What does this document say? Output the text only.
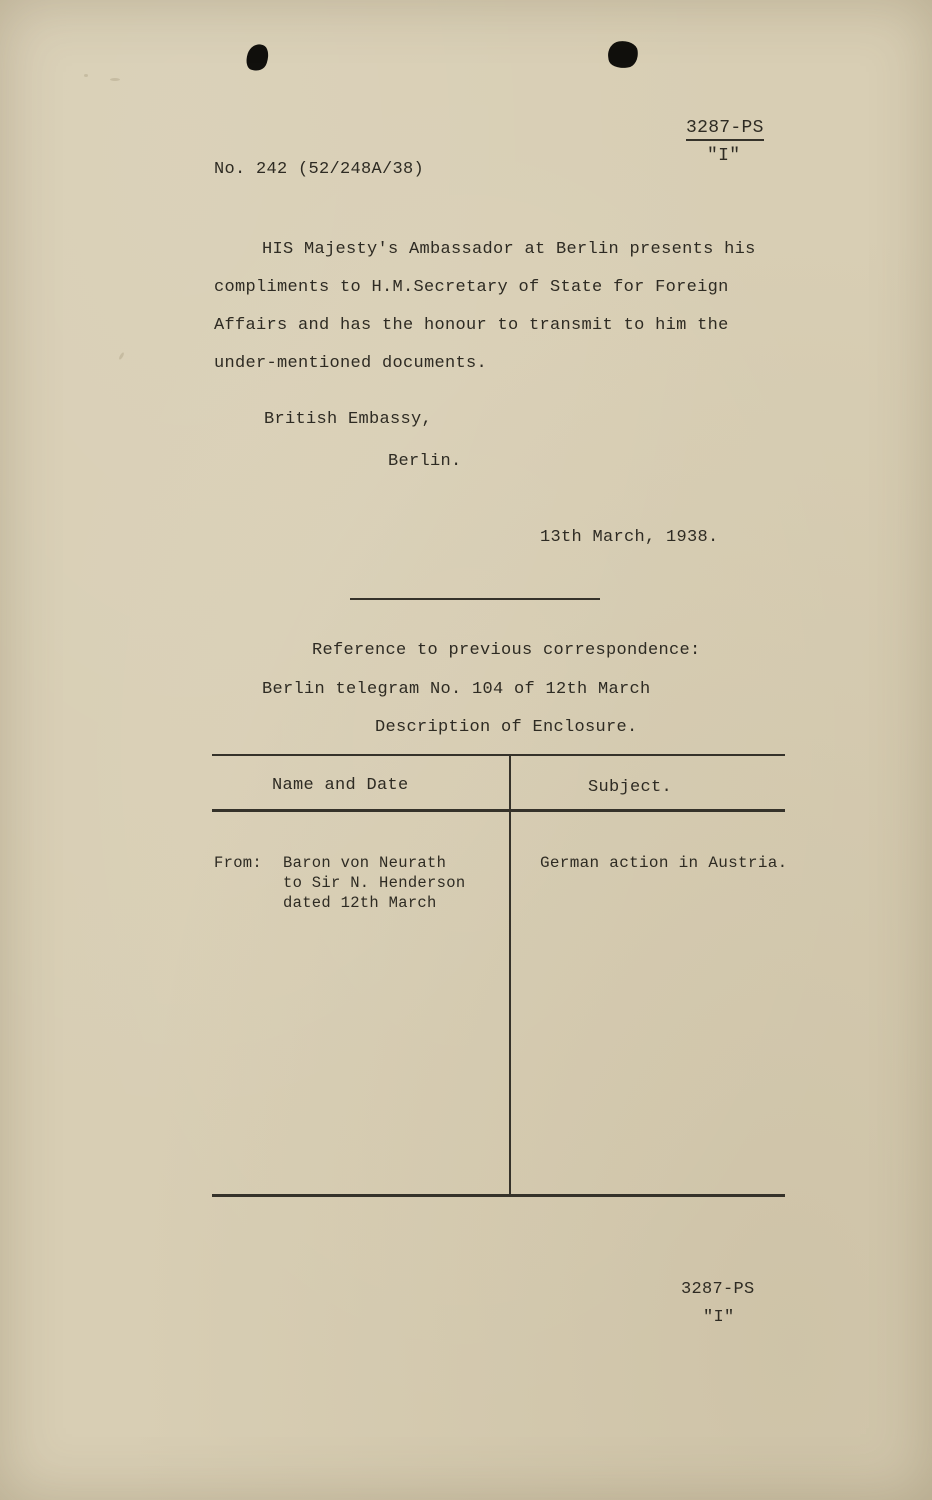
3287-PS
"I"
No. 242 (52/248A/38)
HIS Majesty's Ambassador at Berlin presents his
compliments to H.M.Secretary of State for Foreign
Affairs and has the honour to transmit to him the
under-mentioned documents.
British Embassy,
Berlin.
13th March, 1938.
Reference to previous correspondence:
Berlin telegram No. 104 of 12th March
Description of Enclosure.
Name and Date	Subject.
From: Baron von Neurath
to Sir N. Henderson
dated 12th March
German action in Austria.
3287-PS
"I"
